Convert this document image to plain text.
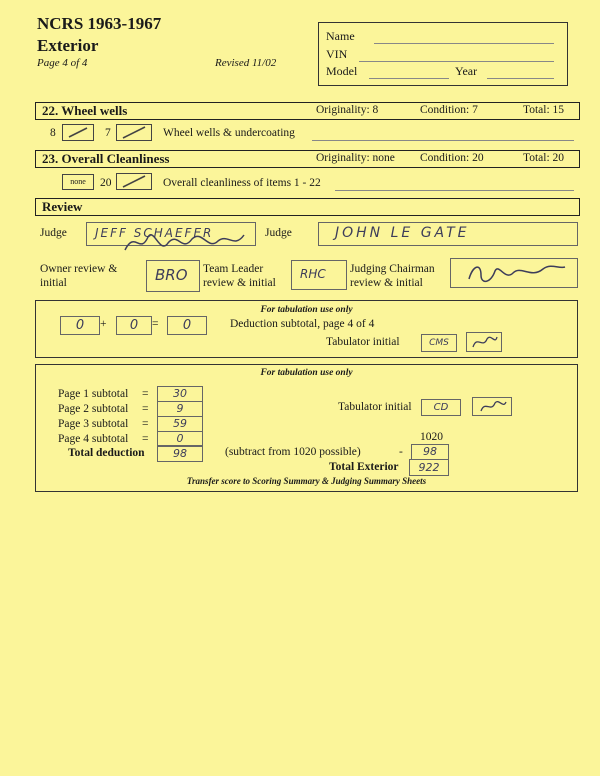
NCRS 1963-1967
Exterior
Page 4 of 4	Revised 11/02
Name
VIN
Model	Year
22. Wheel wells	Originality: 8	Condition: 7	Total: 15
8	7	Wheel wells & undercoating
23. Overall Cleanliness	Originality: none Condition: 20	Total: 20
none	20	Overall cleanliness of items 1 - 22
Review
Judge JEFF SCHAEFER	Judge	JOHN LE GATE
Owner review &
initial	BRO Team Leader
review & initial
RHC Judging Chairman
review & initial
For tabulation use only
0	+	0	=	0	Deduction subtotal, page 4 of 4
Tabulator initial	CMS
For tabulation use only
Page 1 subtotal =	30
Page 2 subtotal =	9
Page 3 subtotal =	59
Page 4 subtotal =	0
Total deduction	98
Tabulator initial	CD
1020
(subtract from 1020 possible)	-	98
Total Exterior	922
Transfer score to Scoring Summary & Judging Summary Sheets
